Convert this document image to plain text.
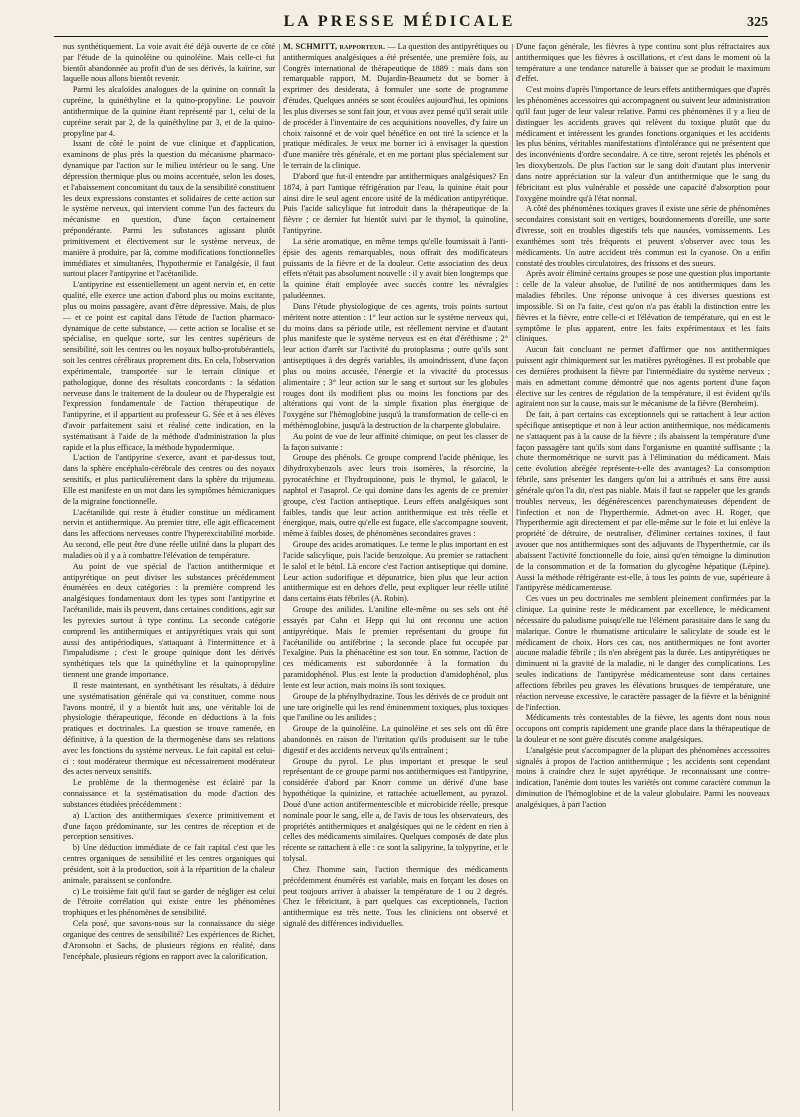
LA PRESSE MÉDICALE	325

nus synthétiquement. La voie avait été déjà ouverte de ce côté par l'étude de la quinoléine ou quinoléine. Mais celle-ci fut bientôt abandonnée au profit d'un de ses dérivés, la kaïrine, sur laquelle nous allons bientôt revenir.

Parmi les alcaloïdes analogues de la quinine on connaît la cupréine, la quinéthyline et la quino-propyline. Le pouvoir antithermique de la quinine étant représenté par 1, celui de la cupréine serait par 2, de la quinéthyline par 3, et de la quino-propyline par 4.

Issant de côté le point de vue clinique et d'application, examinons de plus près la question du mécanisme pharmaco-dynamique par l'action sur le milieu intérieur ou le sang. Une dépression thermique plus ou moins accentuée, selon les doses, et l'abaissement concomitant du taux de la sensibilité constituent les deux expressions constantes et solidaires de cette action sur le système nerveux, qui intervient comme l'un des facteurs du mécanisme en question, d'une façon certainement prépondérante. Parmi les substances agissant plutôt primitivement et électivement sur le système nerveux, de manière à produire, par là, comme modifications fonctionnelles immédiates et simultanées, l'hypothermie et l'analgésie, il faut surtout placer l'antipyrine et l'acétanilide.

L'antipyrine est essentiellement un agent nervin et, en cette qualité, elle exerce une action d'abord plus ou moins excitante, plus ou moins passagère, avant d'être dépressive. Mais, de plus — et ce point est capital dans l'étude de l'action pharmaco-dynamique de cette substance, — cette action se localise et se spécialise, en quelque sorte, sur les centres supérieurs de sensibilité, soit les centres ou les noyaux bulbo-protubérantiels, soit les centres cérébraux proprement dits. En cela, l'observation expérimentale, transportée sur le terrain clinique et pathologique, donne des résultats concordants : la sédation nerveuse dans le traitement de la douleur ou de l'hyperalgie est l'expression fondamentale de l'action thérapeutique de l'antipyrine, et il appartient au professeur G. Sée et à ses élèves d'avoir parfaitement saisi et réalisé cette indication, en la systématisant à l'aide de la méthode d'administration la plus rapide et la plus efficace, la méthode hypodermique.

L'action de l'antipyrine s'exerce, avant et par-dessus tout, dans la sphère encéphalo-cérébrale des centres ou des noyaux sensitifs, et plus particulièrement dans la sphère du trijumeau. Elle est manifeste en un mot dans les symptômes hémicraniques de la migraine fonctionnelle.

L'acétanilide qui reste à étudier constitue un médicament nervin et antithermique. Au premier titre, elle agit efficacement dans les affections nerveuses contre l'hyperexcitabilité morbide. Au second, elle peut être d'une réelle utilité dans la plupart des maladies où il y a à combattre l'élévation de température.

Au point de vue spécial de l'action antithermique et antipyrétique on peut diviser les substances précédemment énumérées en deux catégories : la première comprend les analgésiques fondamentaux dont les types sont l'antipyrine et l'acétanilide, mais ils peuvent, dans certaines conditions, agir sur les pyrexies surtout à type continu. La seconde catégorie comprend les antithermiques et antipyrétiques vrais qui sont aussi des antipériodiques, s'attaquant à l'intermittence et à l'impaludisme ; c'est le groupe quinique dont les dérivés synthétiques tels que la quinéthyline et la quinopropyline tiennent une grande importance.

Il reste maintenant, en synthétisant les résultats, à déduire une systématisation générale qui va constituer, comme nous l'avons montré, il y a bientôt huit ans, une véritable loi de physiologie thérapeutique, féconde en déductions à la fois pratiques et doctrinales. La question se trouve ramenée, en définitive, à la question de la thermogenèse dans ses relations avec les fonctions du système nerveux. Le fait capital est celui-ci : tout modérateur thermique est nécessairement modérateur des actes nerveux sensitifs.

Le problème de la thermogenèse est éclairé par la connaissance et la systématisation du mode d'action des substances étudiées précédemment :

a) L'action des antithermiques s'exerce primitivement et d'une façon prédominante, sur les centres de réception et de perception sensitives.

b) Une déduction immédiate de ce fait capital c'est que les centres organiques de sensibilité et les centres organiques qui président, soit à la production, soit à la répartition de la chaleur animale, paraissent se confondre.

c) Le troisième fait qu'il faut se garder de négliger est celui de l'étroite corrélation qui existe entre les phénomènes trophiques et les phénomènes de sensibilité.

Cela posé, que savons-nous sur la connaissance du siège organique des centres de sensibilité? Les expériences de Richet, d'Aronsohn et Sachs, de plusieurs régions en réalité, dans l'encéphale, plusieurs régions en rapport avec la calorification.

M. SCHMITT, rapporteur. — La question des antipyrétiques ou antithermiques analgésiques a été présentée, une première fois, au Congrès international de thérapeutique de 1889 : mais dans son remarquable rapport, M. Dujardin-Beaumetz dut se borner à exprimer des desiderata, à formuler une sorte de programme d'études. Quelques années se sont écoulées aujourd'hui, les opinions les plus diverses se sont fait jour, et vous avez pensé qu'il serait utile de procéder à l'inventaire de ces acquisitions nouvelles, d'y faire un choix raisonné et de voir quel bénéfice en ont tiré la science et la pratique médicales. Je veux me borner ici à envisager la question d'une manière très générale, et en me portant plus spécialement sur le terrain de la clinique.

D'abord que fut-il entendre par antithermiques analgésiques? En 1874, à part l'antique réfrigération par l'eau, la quinine était pour ainsi dire le seul agent encore usité de la médication antipyrétique. Puis l'acide salicylique fut introduit dans la thérapeutique de la fièvre ; ce dernier fut bientôt suivi par le thymol, la quinoline, l'antipyrine.

La série aromatique, en même temps qu'elle fournissait à l'anti-épsie des agents remarquables, nous offrait des modificateurs puissants de la fièvre et de la douleur. Cette association des deux effets n'était pas absolument nouvelle : il y avait bien longtemps que la quinine était employée avec succès contre les névralgies paludéennes.

Dans l'étude physiologique de ces agents, trois points surtout méritent notre attention : 1° leur action sur le système nerveux qui, du moins dans sa période utile, est réellement nervine et d'autant plus manifeste que le système nerveux est en état d'éréthisme ; 2° leur action d'arrêt sur l'activité du protoplasma ; outre qu'ils sont antiseptiques à des degrés variables, ils amoindrissent, d'une façon plus ou moins accusée, l'énergie et la vivacité du processus alimentaire ; 3° leur action sur le sang et surtout sur les globules rouges dont ils modifient plus ou moins les fonctions par des altérations qui vont de la simple fixation plus énergique de l'oxygène sur l'hémoglobine jusqu'à la transformation de celle-ci en méthémoglobine, jusqu'à la destruction de la charpente globulaire.

Au point de vue de leur affinité chimique, on peut les classer de la façon suivante :

Groupe des phénols. Ce groupe comprend l'acide phénique, les dihydroxybenzols avec leurs trois isomères, la résorcine, la pyrocatéchine et l'hydroquinone, puis le thymol, le gaïacol, le naphtol et l'asaprol. Ce qui domine dans les agents de ce premier groupe, c'est l'action antiseptique. Leurs effets analgésiques sont faibles, tandis que leur action antithermique est très réelle et énergique, mais, outre qu'elle est fugace, elle s'accompagne souvent, même à faibles doses, de phénomènes secondaires graves :

Groupe des acides aromatiques. Le terme le plus important en est l'acide salicylique, puis l'acide benzoïque. Au premier se rattachent le salol et le bétol. Là encore c'est l'action antiseptique qui domine. Leur action sudorifique et dépuratrice, bien plus que leur action antithermique est en dehors d'elle, peut expliquer leur réelle utilité dans certains états fébriles (A. Robin).

Groupe des anilides. L'aniline elle-même ou ses sels ont été essayés par Cahn et Hepp qui lui ont reconnu une action antipyrétique. Mais le premier représentant du groupe fut l'acétanilide ou antifébrine ; la seconde place fut occupée par l'exalgine. Puis la phénacétine est son tour. En somme, l'action de ces médicaments est subordonnée à la formation du paramidophénol. Plus est lente la production d'amidophénol, plus lente est leur action, mais moins ils sont toxiques.

Groupe de la phénylhydrazine. Tous les dérivés de ce produit ont une tare originelle qui les rend éminemment toxiques, plus toxiques que l'aniline ou les anilides ;

Groupe de la quinoléine. La quinoléine et ses sels ont dû être abandonnés en raison de l'irritation qu'ils produisent sur le tube digestif et des accidents nerveux qu'ils entraînent ;

Groupe du pyrol. Le plus important et presque le seul représentant de ce groupe parmi nos antithermiques est l'antipyrine, considérée d'abord par Knorr comme un dérivé d'une base hypothétique la quinizine, et rattachée actuellement, au pyrazol. Doué d'une action antifermentescible et microbicide réelle, presque nominale pour le sang, elle a, de l'avis de tous les observateurs, des propriétés antithermiques et analgésiques qui ne le cèdent en rien à celles des médicaments similaires. Quelques composés de date plus récente se rattachent à elle : ce sont la salipyrine, la tolypyrine, et le tolysal.

Chez l'homme sain, l'action thermique des médicaments précédemment énumérés est variable, mais en forçant les doses on peut toujours arriver à abaisser la température de 1 ou 2 degrés. Chez le fébricitant, à part quelques cas exceptionnels, l'action antithermique est très nette. Tous les cliniciens ont observé et signalé des différences individuelles.

D'une façon générale, les fièvres à type continu sont plus réfractaires aux antithermiques que les fièvres à oscillations, et c'est dans le moment où la température a une tendance naturelle à baisser que se produit le maximum d'effet.

C'est moins d'après l'importance de leurs effets antithermiques que d'après les phénomènes accessoires qui accompagnent ou suivent leur administration qu'il faut juger de leur valeur relative. Parmi ces phénomènes il y a lieu de distinguer les accidents graves qui relèvent du toxique plutôt que du médicament et intéressent les grandes fonctions organiques et les accidents les plus bénins, véritables manifestations d'intolérance qui ne présentent que des inconvénients d'ordre secondaire. A ce titre, seront rejetés les phénols et les dioxybenzols. De plus l'action sur le sang doit d'autant plus intervenir dans notre appréciation sur la valeur d'un antithermique que le sang du fébricitant est plus vulnérable et possède une capacité d'absorption pour l'oxygène moindre qu'à l'état normal.

A côté des phénomènes toxiques graves il existe une série de phénomènes secondaires consistant soit en vertiges, bourdonnements d'oreille, une sorte d'ivresse, soit en troubles digestifs tels que nausées, vomissements. Les exanthèmes sont très fréquents et peuvent s'observer avec tous les médicaments. Un autre accident très commun est la cyanose. On a enfin constaté des troubles circulatoires, des frissons et des sueurs.

Après avoir éliminé certains groupes se pose une question plus importante : celle de la valeur absolue, de l'utilité de nos antithermiques dans les maladies fébriles. Une réponse univoque à ces diverses questions est impossible. Si on l'a faite, c'est qu'on n'a pas établi la distinction entre les fièvres et la fièvre, entre celle-ci et l'élévation de température, qui en est le symptôme le plus apparent, entre les faits expérimentaux et les faits cliniques.

Aucun fait concluant ne permet d'affirmer que nos antithermiques puissent agir chimiquement sur les matières pyrétogènes. Il est probable que ces dernières produisent la fièvre par l'intermédiaire du système nerveux ; mais en admettant comme démontré que nos agents portent d'une façon élective sur les centres de régulation de la température, il est évident qu'ils agiraient non sur la cause, mais sur le mécanisme de la fièvre (Bernheim).

De fait, à part certains cas exceptionnels qui se rattachent à leur action spécifique antiseptique et non à leur action antithermique, nos médicaments ne s'attaquent pas à la cause de la fièvre ; ils abaissent la température d'une façon passagère tant qu'ils sont dans l'organisme en quantité suffisante ; la chute thermométrique ne survit pas à l'élimination du médicament. Mais cette évolution abrégée représente-t-elle des avantages? La consomption fébrile, sans présenter les dangers qu'on lui a attribués et sans être aussi générale qu'on l'a dit, n'est pas niable. Mais il faut se rappeler que les grands troubles nerveux, les dégénérescences parenchymateuses dépendent de l'infection et non de l'hyperthermie. Admet-on avec H. Roger, que l'hyperthermie agit directement et par elle-même sur le foie et lui enlève la propriété de détruire, de neutraliser, d'éliminer certaines toxines, il faut avouer que nos antithermiques sont des adjuvants de l'hyperthermie, car ils abaissent l'activité fonctionnelle du foie, ainsi qu'en témoigne la diminution de la consommation et de la formation du glycogène hépatique (Lépine). Aussi la méthode réfrigérante est-elle, à tous les points de vue, supérieure à l'antipyrèse médicamenteuse.

Ces vues un peu doctrinales me semblent pleinement confirmées par la clinique. La quinine reste le médicament par excellence, le médicament nécessaire du paludisme puisqu'elle tue l'élément parasitaire dans le sang du malarique. Contre le rhumatisme articulaire le salicylate de soude est le médicament de choix. Hors ces cas, nos antithermiques ne font avorter aucune maladie fébrile ; ils n'en abrègent pas la durée. Les antipyrétiques ne diminuent ni la gravité de la maladie, ni le danger des complications. Les seules indications de l'antipyrèse médicamenteuse sont dans certaines affections fébriles peu graves les élévations brusques de température, une réaction nerveuse excessive, le caractère passager de la fièvre et la bénignité de l'infection.

Médicaments très contestables de la fièvre, les agents dont nous nous occupons ont compris rapidement une grande place dans la thérapeutique de la douleur et ne sont guère discutés comme analgésiques.

L'analgésie peut s'accompagner de la plupart des phénomènes accessoires signalés à propos de l'action antithermique ; les accidents sont cependant moins à craindre chez le sujet apyrétique. Je reconnaissant une contre-indication, l'anémie dont toutes les variétés ont comme caractère commun la diminution de l'hémoglobine et de la valeur globulaire. Parmi les nouveaux analgésiques, à part l'action
